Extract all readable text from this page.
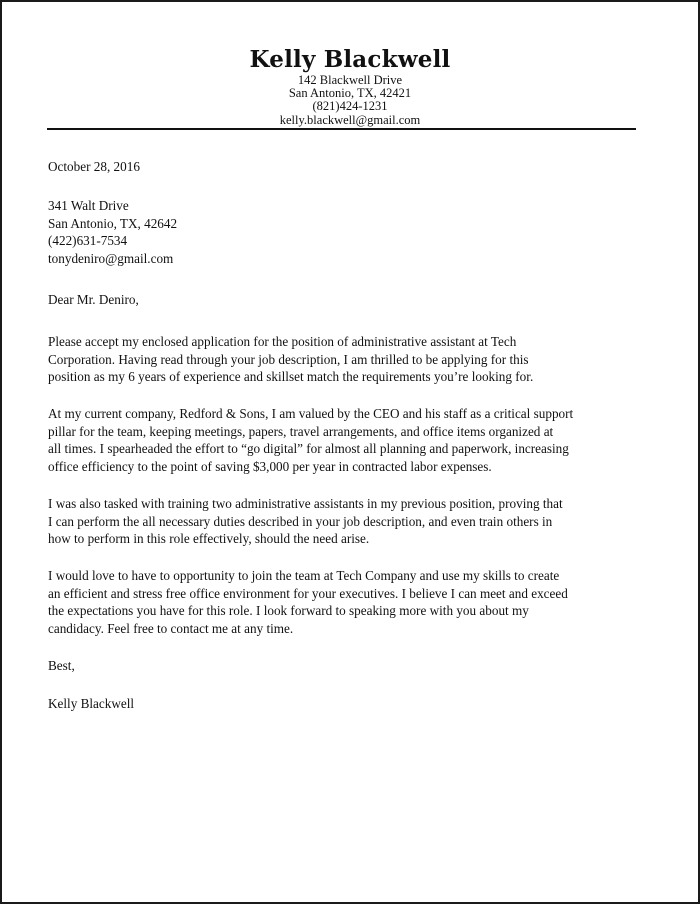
Kelly Blackwell
142 Blackwell Drive
San Antonio, TX, 42421
(821)424-1231
kelly.blackwell@gmail.com
October 28, 2016
341 Walt Drive
San Antonio, TX, 42642
(422)631-7534
tonydeniro@gmail.com
Dear Mr. Deniro,
Please accept my enclosed application for the position of administrative assistant at Tech
Corporation. Having read through your job description, I am thrilled to be applying for this
position as my 6 years of experience and skillset match the requirements you’re looking for.
At my current company, Redford & Sons, I am valued by the CEO and his staff as a critical support
pillar for the team, keeping meetings, papers, travel arrangements, and office items organized at
all times. I spearheaded the effort to “go digital” for almost all planning and paperwork, increasing
office efficiency to the point of saving $3,000 per year in contracted labor expenses.
I was also tasked with training two administrative assistants in my previous position, proving that
I can perform the all necessary duties described in your job description, and even train others in
how to perform in this role effectively, should the need arise.
I would love to have to opportunity to join the team at Tech Company and use my skills to create
an efficient and stress free office environment for your executives. I believe I can meet and exceed
the expectations you have for this role. I look forward to speaking more with you about my
candidacy. Feel free to contact me at any time.
Best,
Kelly Blackwell
